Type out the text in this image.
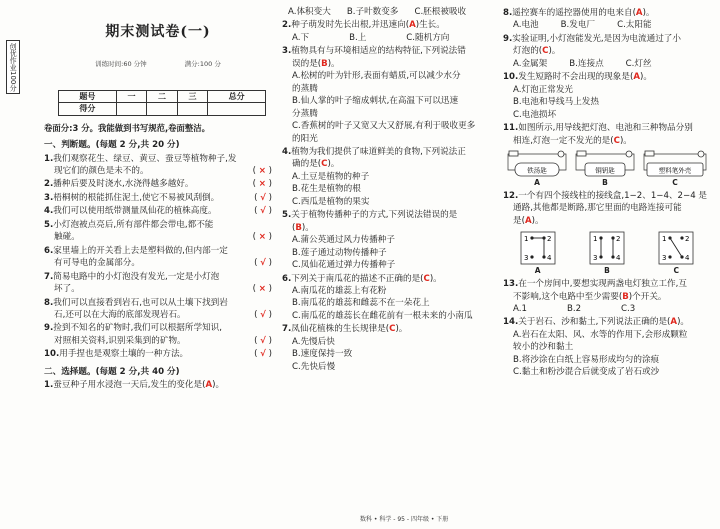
创优作业100分
期末测试卷(一)
训练时间:60 分钟	满分:100 分
题号	一	二	三	总分
得分				
卷面分:3 分。我能做到书写规范,卷面整洁。
一、判断题。(每题 2 分,共 20 分)
1.我们观察花生、绿豆、黄豆、蚕豆等植物种子,发
现它们的颜色是未不的。	( × )
2.播种后要及时浇水,水浇得越多越好。	( × )
3.梧桐树的根能抓住泥土,使它不易被风刮倒。	( √ )
4.我们可以使用纸带测量凤仙花的植株高度。	( √ )
5.小灯泡被点亮后,所有部件都会带电,都不能
触碰。	( × )
6.家里墙上的开关看上去是塑料做的,但内部一定
有可导电的金属部分。	( √ )
7.简易电路中的小灯泡没有发光,一定是小灯泡
坏了。	( × )
8.我们可以直接看到岩石,也可以从土壤下找到岩
石,还可以在大海的底部发现岩石。	( √ )
9.捡到不知名的矿物时,我们可以根据所学知识,
对照相关资料,识别采集到的矿物。	( √ )
10.用手捏也是观察土壤的一种方法。	( √ )
二、选择题。(每题 2 分,共 40 分)
1.蚕豆种子用水浸泡一天后,发生的变化是(A)。
A.体积变大 B.子叶数变多 C.胚根被吸收
2.种子萌发时先长出根,并迅速向(A)生长。
A.下	B.上	C.随机方向
3.植物具有与环境相适应的结构特征,下列说法错
误的是(B)。
A.松树的叶为针形,表面有蜡质,可以减少水分
的蒸腾
B.仙人掌的叶子缩成刺状,在高温下可以迅速
分蒸腾
C.香蕉树的叶子又宽又大又舒展,有利于吸收更多
的阳光
4.植物为我们提供了味道鲜美的食物,下列说法正
确的是(C)。
A.土豆是植物的种子
B.花生是植物的根
C.西瓜是植物的果实
5.关于植物传播种子的方式,下列说法错误的是
(B)。
A.蒲公英通过风力传播种子
B.莲子通过动物传播种子
C.凤仙花通过弹力传播种子
6.下列关于南瓜花的描述不正确的是(C)。
A.南瓜花的雄蕊上有花粉
B.南瓜花的雄蕊和雌蕊不在一朵花上
C.南瓜花的雄蕊长在雌花前有一根未来的小南瓜
7.凤仙花植株的生长规律是(C)。
A.先慢后快
B.速度保持一致
C.先快后慢
8.遥控赛车的遥控器使用的电来自(A)。
A.电池	B.发电厂	C.太阳能
9.实验证明,小灯泡能发光,是因为电流通过了小
灯泡的(C)。
A.金属架	B.连接点	C.灯丝
10.发生短路时不会出现的现象是(A)。
A.灯泡正常发光
B.电池和导线马上发热
C.电池损坏
11.如图所示,用导线把灯泡、电池和三种物品分别
相连,灯泡一定不发光的是(C)。
铁汤匙
A
铜钥匙
B
塑料笔外壳
C
12.一个有四个接线柱的接线盒,1−2、1−4、2−4 是
通路,其他都是断路,那它里面的电路连接可能
是(A)。
1	2
3	4
A
1	2
3	4
B
1	2
3	4
C
13.在一个房间中,要想实现两盏电灯独立工作,互
不影响,这个电路中至少需要(B)个开关。
A.1	B.2	C.3
14.关于岩石、沙和黏土,下列说法正确的是(A)。
A.岩石在太阳、风、水等的作用下,会形成颗粒
较小的沙和黏土
B.将沙涂在白纸上容易形成均匀的涂痕
C.黏土和粉沙混合后就变成了岩石或沙
数科 • 科学 - 95 - 四年级 • 下册
